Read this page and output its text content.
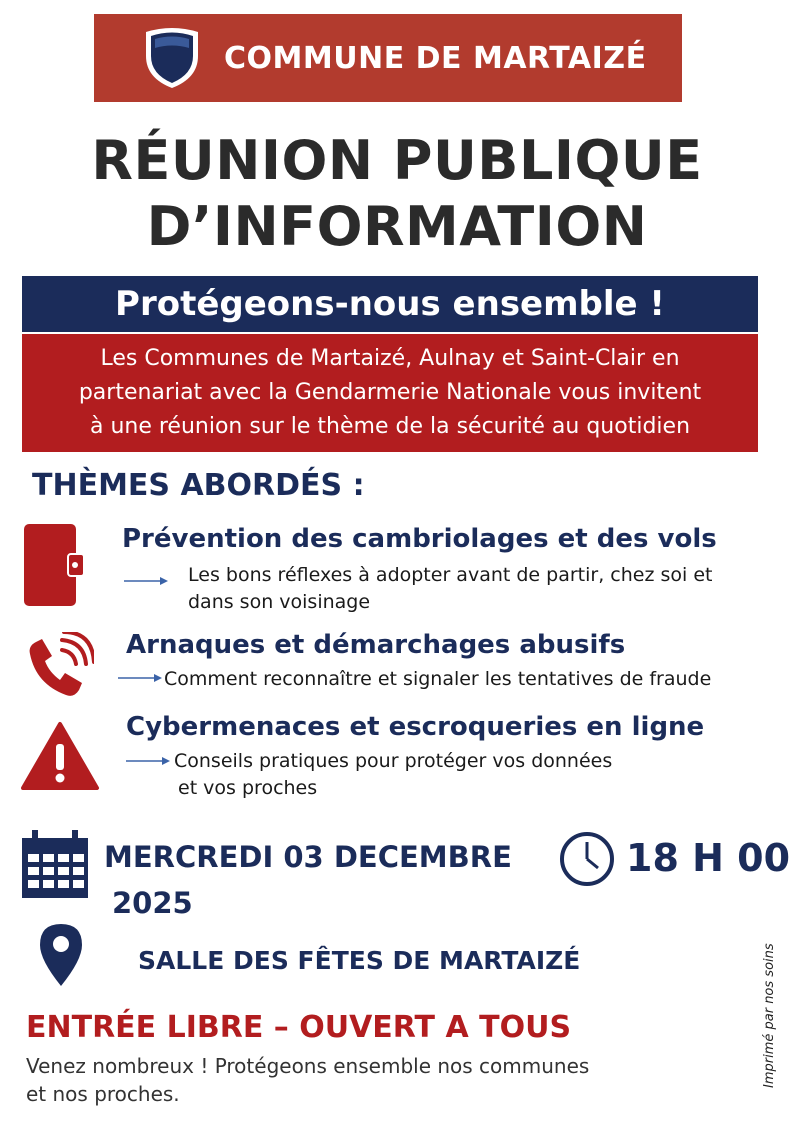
COMMUNE DE MARTAIZÉ
RÉUNION PUBLIQUE
D’INFORMATION
Protégeons-nous ensemble !
Les Communes de Martaizé, Aulnay et Saint-Clair en
partenariat avec la Gendarmerie Nationale vous invitent
à une réunion sur le thème de la sécurité au quotidien
THÈMES ABORDÉS :
Prévention des cambriolages et des vols
Les bons réflexes à adopter avant de partir, chez soi et
dans son voisinage
Arnaques et démarchages abusifs
Comment reconnaître et signaler les tentatives de fraude
Cybermenaces et escroqueries en ligne
Conseils pratiques pour protéger vos données
et vos proches
MERCREDI 03 DECEMBRE
2025
18 H 00
SALLE DES FÊTES DE MARTAIZÉ
ENTRÉE LIBRE – OUVERT A TOUS
Venez nombreux ! Protégeons ensemble nos communes
et nos proches.
Imprimé par nos soins
